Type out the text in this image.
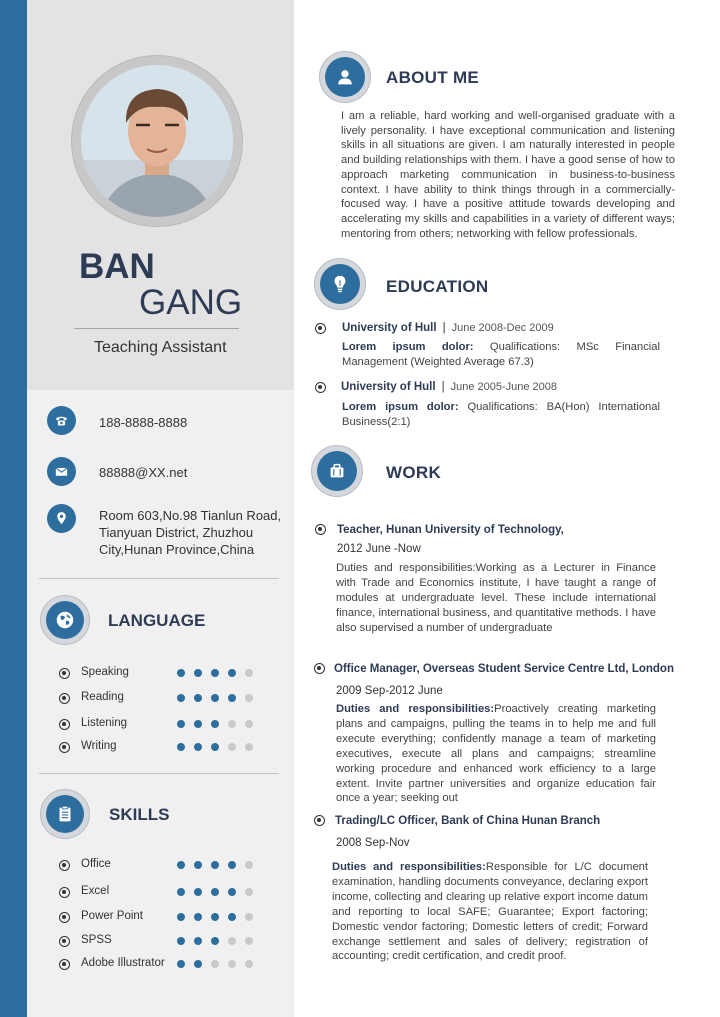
BAN
GANG
Teaching Assistant
188-8888-8888
88888@XX.net
Room 603,No.98 Tianlun Road,
Tianyuan District, Zhuzhou
City,Hunan Province,China
LANGUAGE
Speaking
Reading
Listening
Writing
SKILLS
Office
Excel
Power Point
SPSS
Adobe Illustrator
ABOUT ME
I am a reliable, hard working and well-organised graduate with a lively personality. I have exceptional communication and listening skills in all situations are given. I am naturally interested in people and building relationships with them. I have a good sense of how to approach marketing communication in business-to-business context. I have ability to think things through in a commercially-focused way. I have a positive attitude towards developing and accelerating my skills and capabilities in a variety of different ways; mentoring from others; networking with fellow professionals.
EDUCATION
University of Hull | June 2008-Dec 2009
Lorem ipsum dolor: Qualifications: MSc Financial Management (Weighted Average 67.3)
University of Hull | June 2005-June 2008
Lorem ipsum dolor: Qualifications: BA(Hon) International Business(2:1)
WORK
Teacher, Hunan University of Technology,
2012 June -Now
Duties and responsibilities:Working as a Lecturer in Finance with Trade and Economics institute, I have taught a range of modules at undergraduate level. These include international finance, international business, and quantitative methods. I have also supervised a number of undergraduate
Office Manager, Overseas Student Service Centre Ltd, London
2009 Sep-2012 June
Duties and responsibilities:Proactively creating marketing plans and campaigns, pulling the teams in to help me and full execute everything; confidently manage a team of marketing executives, execute all plans and campaigns; streamline working procedure and enhanced work efficiency to a large extent. Invite partner universities and organize education fair once a year; seeking out
Trading/LC Officer, Bank of China Hunan Branch
2008 Sep-Nov
Duties and responsibilities:Responsible for L/C document examination, handling documents conveyance, declaring export income, collecting and clearing up relative export income datum and reporting to local SAFE; Guarantee; Export factoring; Domestic vendor factoring; Domestic letters of credit; Forward exchange settlement and sales of delivery; registration of accounting; credit certification, and credit proof.
